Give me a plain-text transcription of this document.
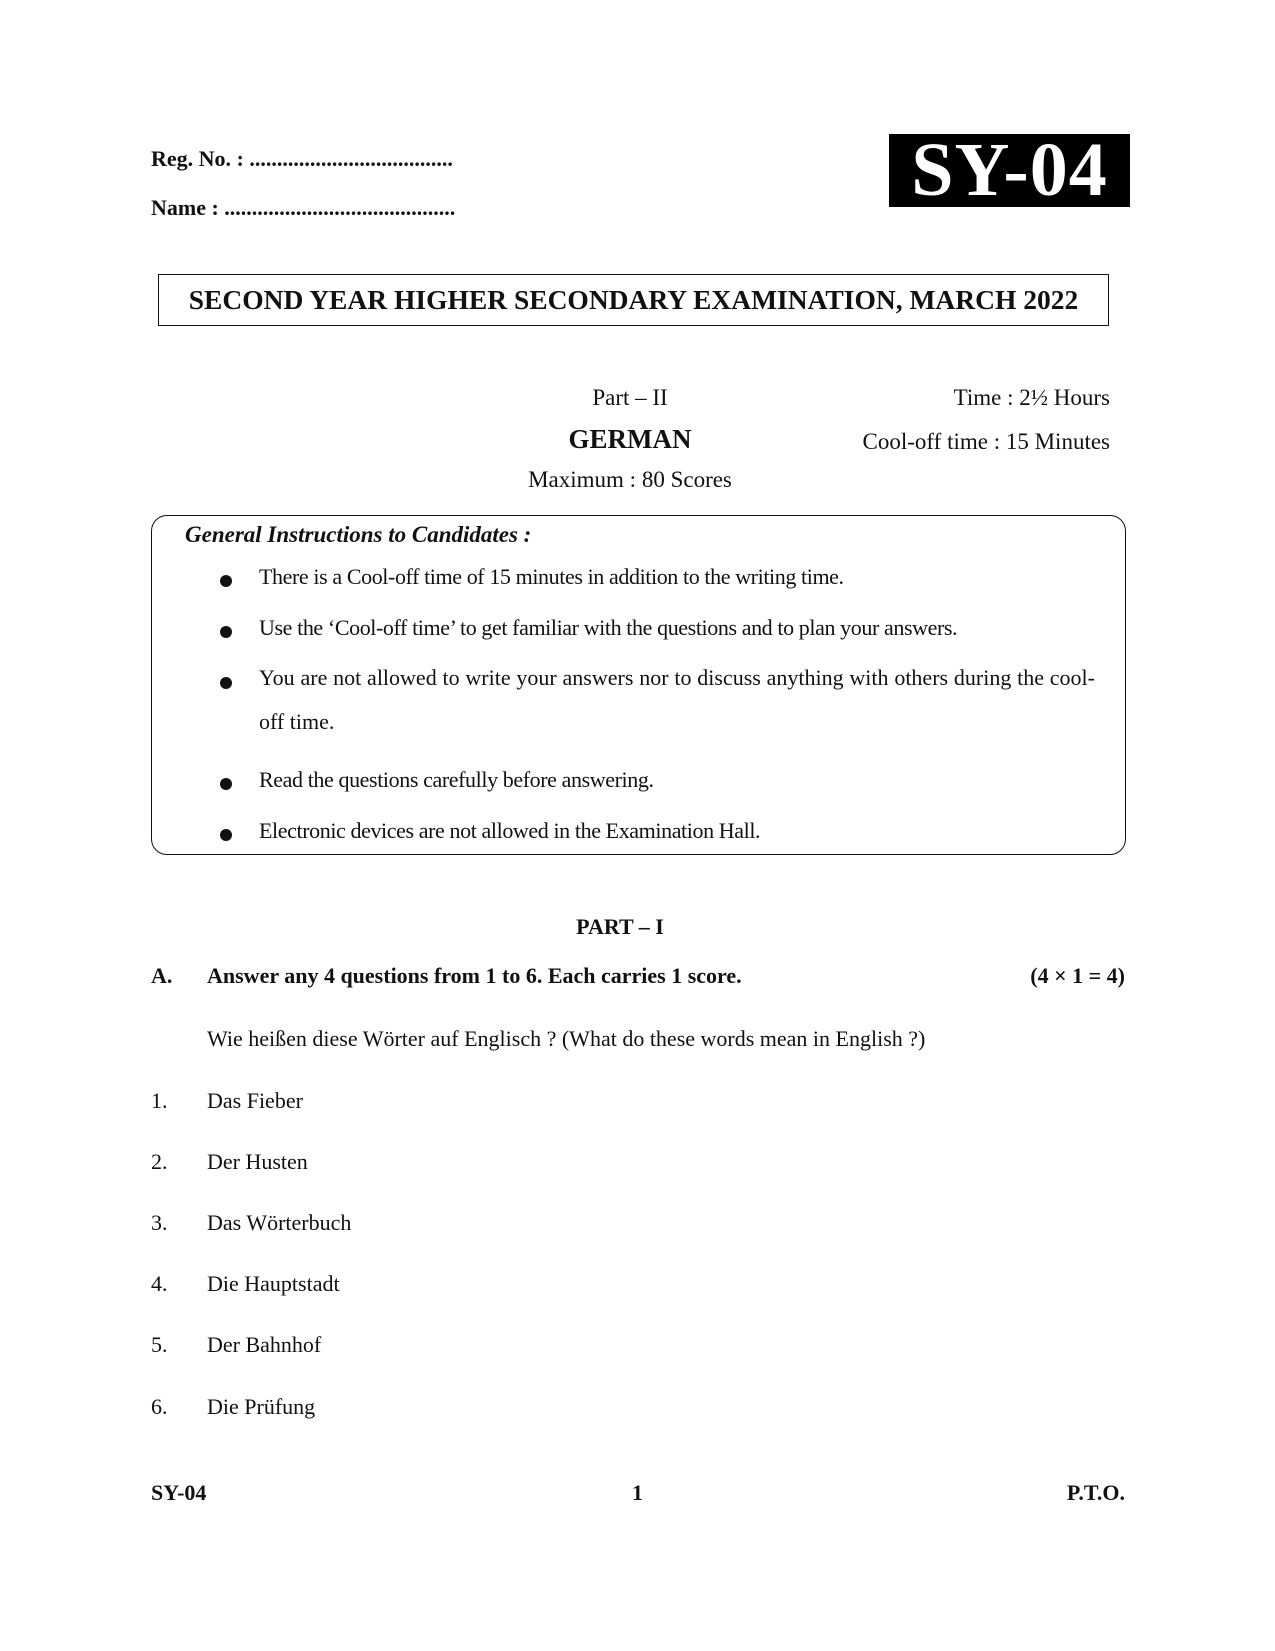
Reg. No. : .....................................
Name : ..........................................	SY-04
SECOND YEAR HIGHER SECONDARY EXAMINATION, MARCH 2022
Part – II
GERMAN
Maximum : 80 Scores
Time : 2½ Hours
Cool-off time : 15 Minutes
General Instructions to Candidates :
There is a Cool-off time of 15 minutes in addition to the writing time.
Use the ‘Cool-off time’ to get familiar with the questions and to plan your answers.
You are not allowed to write your answers nor to discuss anything with others during the cool-off time.
Read the questions carefully before answering.
Electronic devices are not allowed in the Examination Hall.
PART – I
A. Answer any 4 questions from 1 to 6. Each carries 1 score.	(4 × 1 = 4)
Wie heißen diese Wörter auf Englisch ? (What do these words mean in English ?)
1. Das Fieber
2. Der Husten
3. Das Wörterbuch
4. Die Hauptstadt
5. Der Bahnhof
6. Die Prüfung
SY-04	1	P.T.O.
